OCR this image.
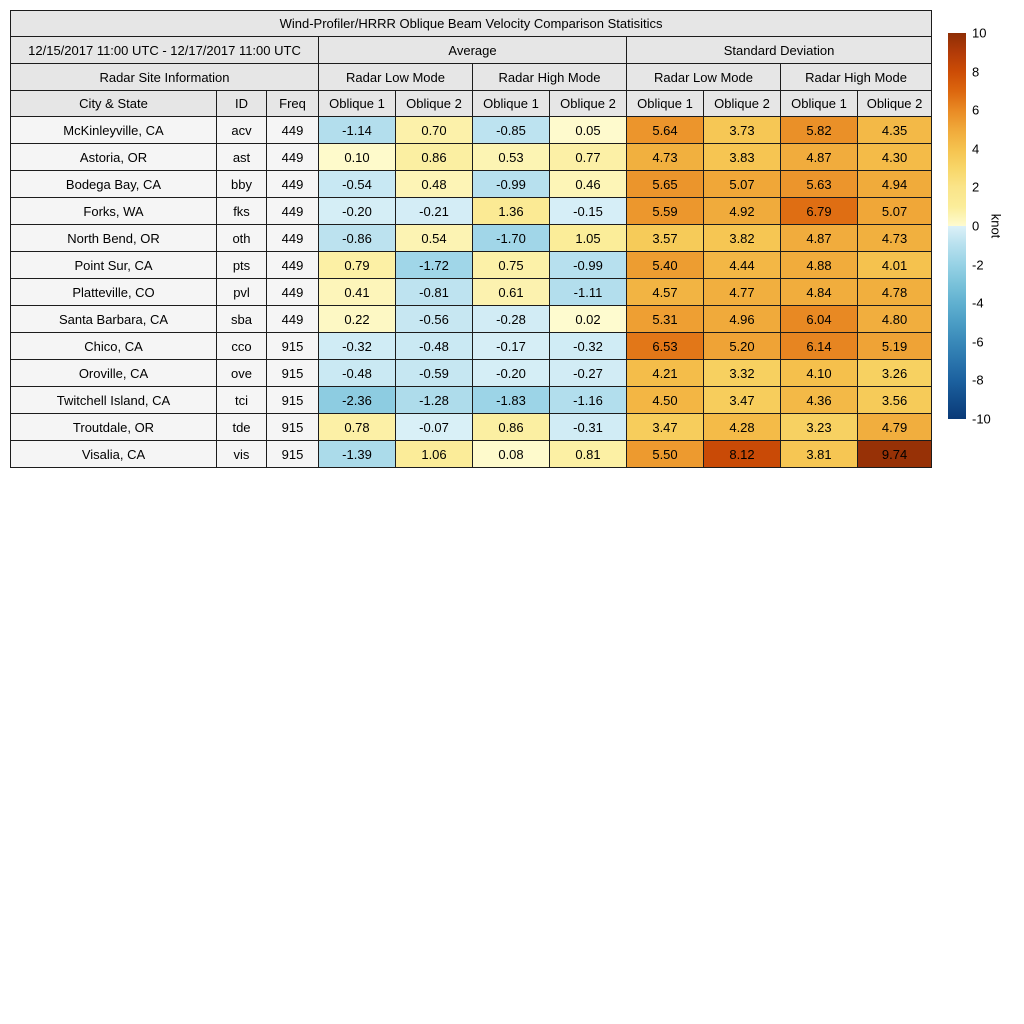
Wind-Profiler/HRRR Oblique Beam Velocity Comparison Statisitics										
12/15/2017 11:00 UTC - 12/17/2017 11:00 UTC			Average				Standard Deviation			
Radar Site Information			Radar Low Mode		Radar High Mode		Radar Low Mode		Radar High Mode	
City & State	ID	Freq	Oblique 1	Oblique 2	Oblique 1	Oblique 2	Oblique 1	Oblique 2	Oblique 1	Oblique 2
McKinleyville, CA	acv	449	-1.14	0.70	-0.85	0.05	5.64	3.73	5.82	4.35
Astoria, OR	ast	449	0.10	0.86	0.53	0.77	4.73	3.83	4.87	4.30
Bodega Bay, CA	bby	449	-0.54	0.48	-0.99	0.46	5.65	5.07	5.63	4.94
Forks, WA	fks	449	-0.20	-0.21	1.36	-0.15	5.59	4.92	6.79	5.07
North Bend, OR	oth	449	-0.86	0.54	-1.70	1.05	3.57	3.82	4.87	4.73
Point Sur, CA	pts	449	0.79	-1.72	0.75	-0.99	5.40	4.44	4.88	4.01
Platteville, CO	pvl	449	0.41	-0.81	0.61	-1.11	4.57	4.77	4.84	4.78
Santa Barbara, CA	sba	449	0.22	-0.56	-0.28	0.02	5.31	4.96	6.04	4.80
Chico, CA	cco	915	-0.32	-0.48	-0.17	-0.32	6.53	5.20	6.14	5.19
Oroville, CA	ove	915	-0.48	-0.59	-0.20	-0.27	4.21	3.32	4.10	3.26
Twitchell Island, CA	tci	915	-2.36	-1.28	-1.83	-1.16	4.50	3.47	4.36	3.56
Troutdale, OR	tde	915	0.78	-0.07	0.86	-0.31	3.47	4.28	3.23	4.79
Visalia, CA	vis	915	-1.39	1.06	0.08	0.81	5.50	8.12	3.81	9.74
10
8
6
4
2
0
-2
-4
-6
-8
-10
knot
